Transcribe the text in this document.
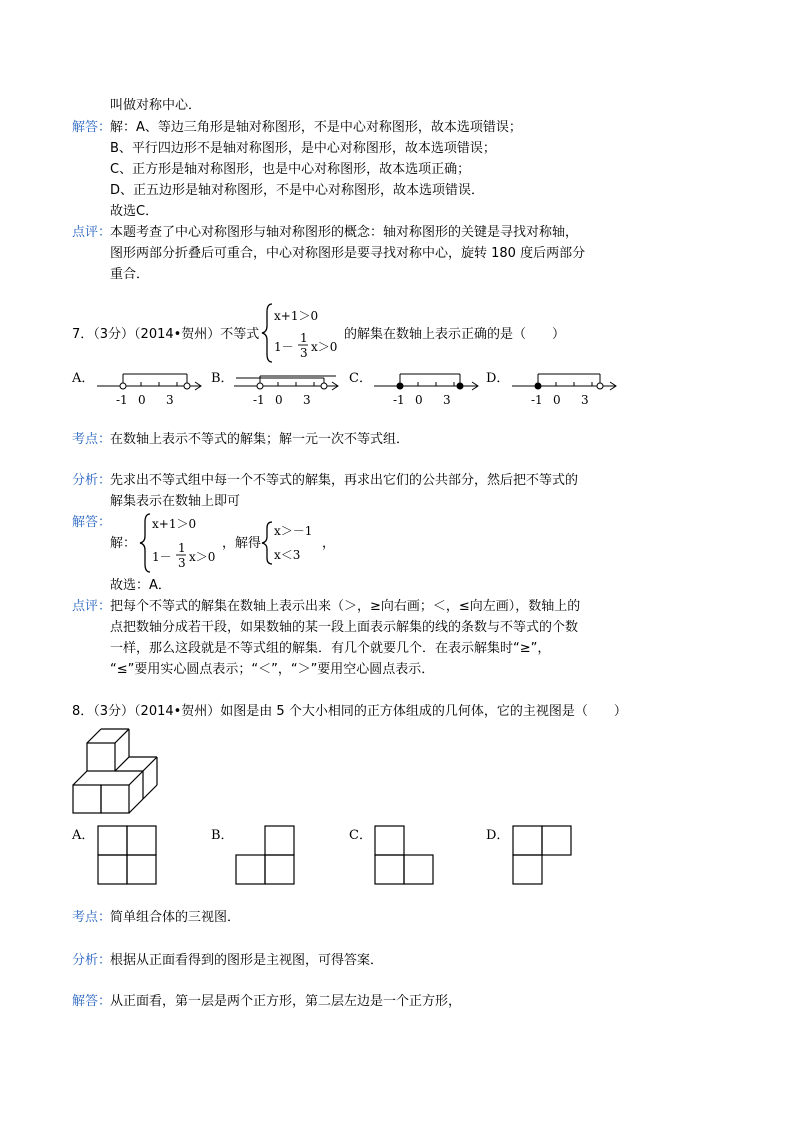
叫做对称中心．
解答：
解：A、等边三角形是轴对称图形，不是中心对称图形，故本选项错误；
B、平行四边形不是轴对称图形，是中心对称图形，故本选项错误；
C、正方形是轴对称图形，也是中心对称图形，故本选项正确；
D、正五边形是轴对称图形，不是中心对称图形，故本选项错误．
故选C．
点评：
本题考查了中心对称图形与轴对称图形的概念：轴对称图形的关键是寻找对称轴，
图形两部分折叠后可重合，中心对称图形是要寻找对称中心，旋转 180 度后两部分
重合．
7．（3分）（2014•贺州）不等式
x+1＞0
1－
1
3 x＞0
的解集在数轴上表示正确的是（　　）
A．
-1 0 3
B．
-1 0 3
C．
-1 0 3
D．
-1 0 3
考点：
在数轴上表示不等式的解集；解一元一次不等式组．
分析：
先求出不等式组中每一个不等式的解集，再求出它们的公共部分，然后把不等式的
解集表示在数轴上即可
解答：
解：
x+1＞0
1－
1
3 x＞0
，解得
x＞－1
x＜3
，
故选：A．
点评：
把每个不等式的解集在数轴上表示出来（＞，≥向右画；＜，≤向左画），数轴上的
点把数轴分成若干段，如果数轴的某一段上面表示解集的线的条数与不等式的个数
一样，那么这段就是不等式组的解集．有几个就要几个．在表示解集时“≥”，
“≤”要用实心圆点表示；“＜”，“＞”要用空心圆点表示．
8．（3分）（2014•贺州）如图是由 5 个大小相同的正方体组成的几何体，它的主视图是（　　）
A．	B．	C．	D．
考点：
简单组合体的三视图．
分析：
根据从正面看得到的图形是主视图，可得答案．
解答：
从正面看，第一层是两个正方形，第二层左边是一个正方形，
